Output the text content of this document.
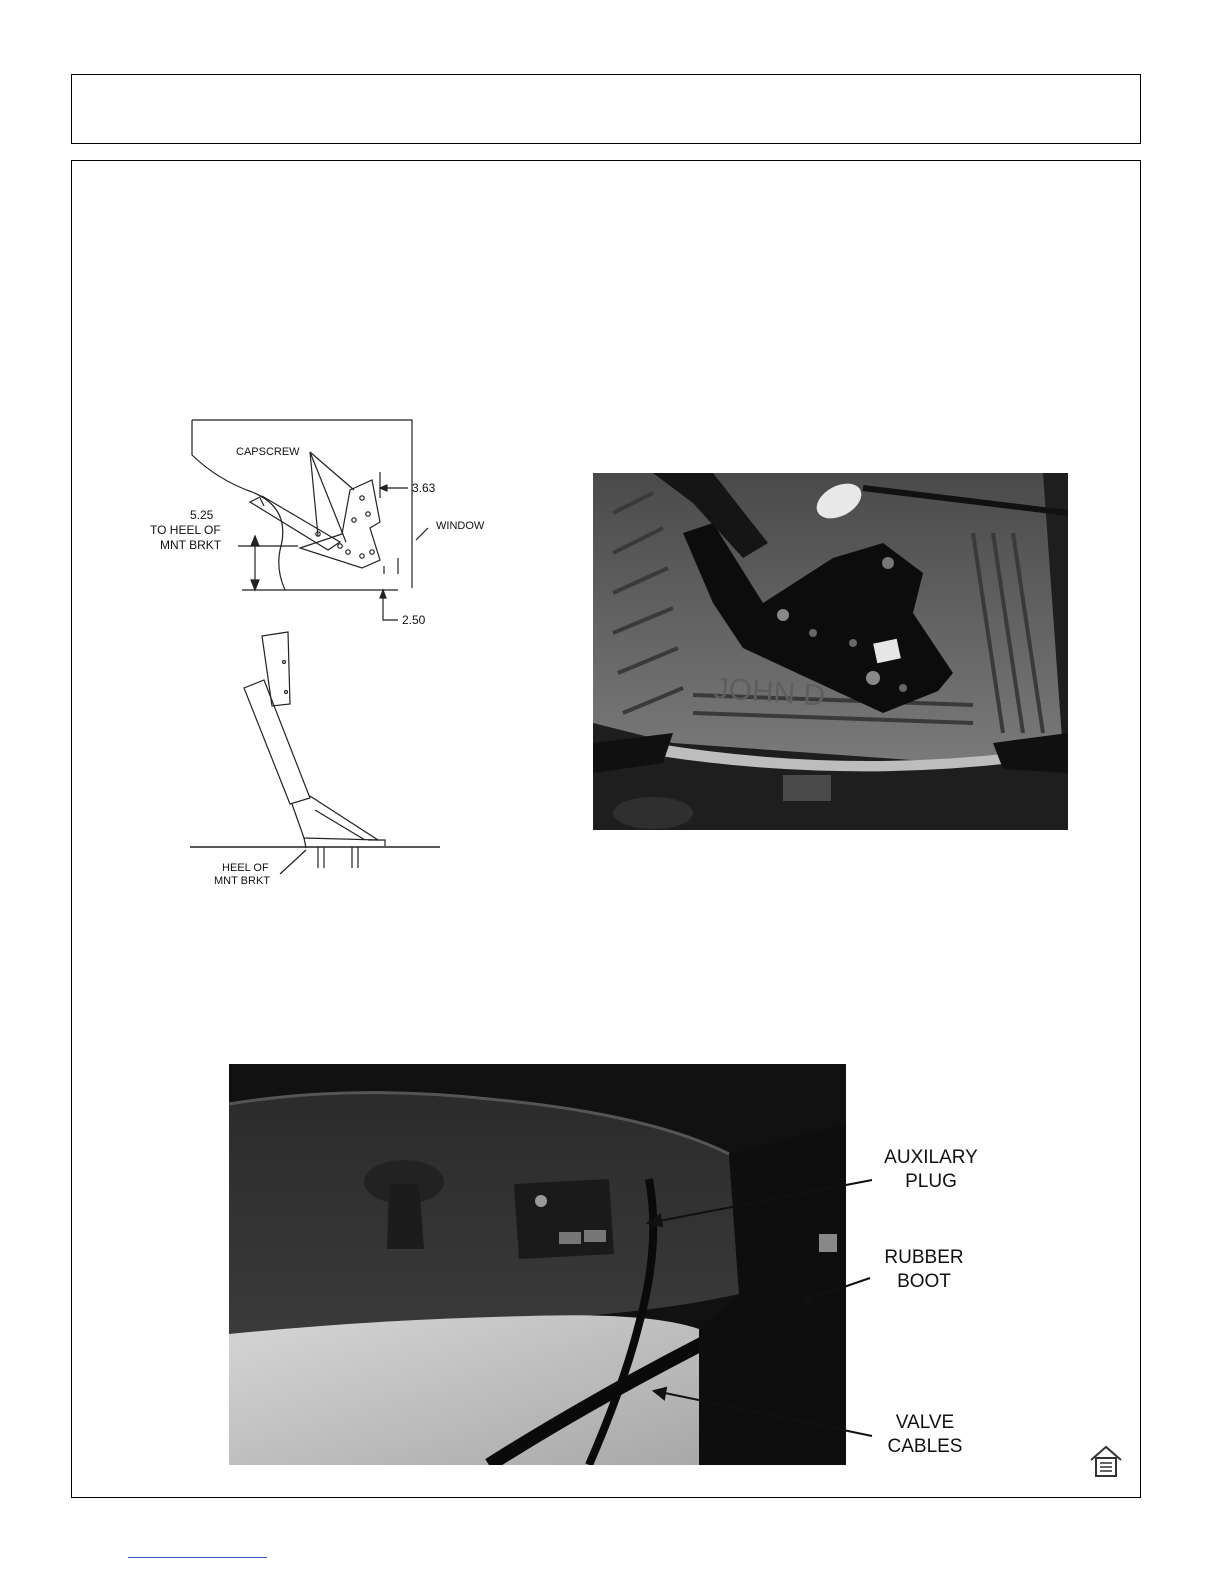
CAPSCREW
3.63
5.25
TO HEEL OF
MNT BRKT
WINDOW
2.50
HEEL OF
MNT BRKT
JOHN D
AUXILARY
PLUG
RUBBER
BOOT
VALVE
CABLES
